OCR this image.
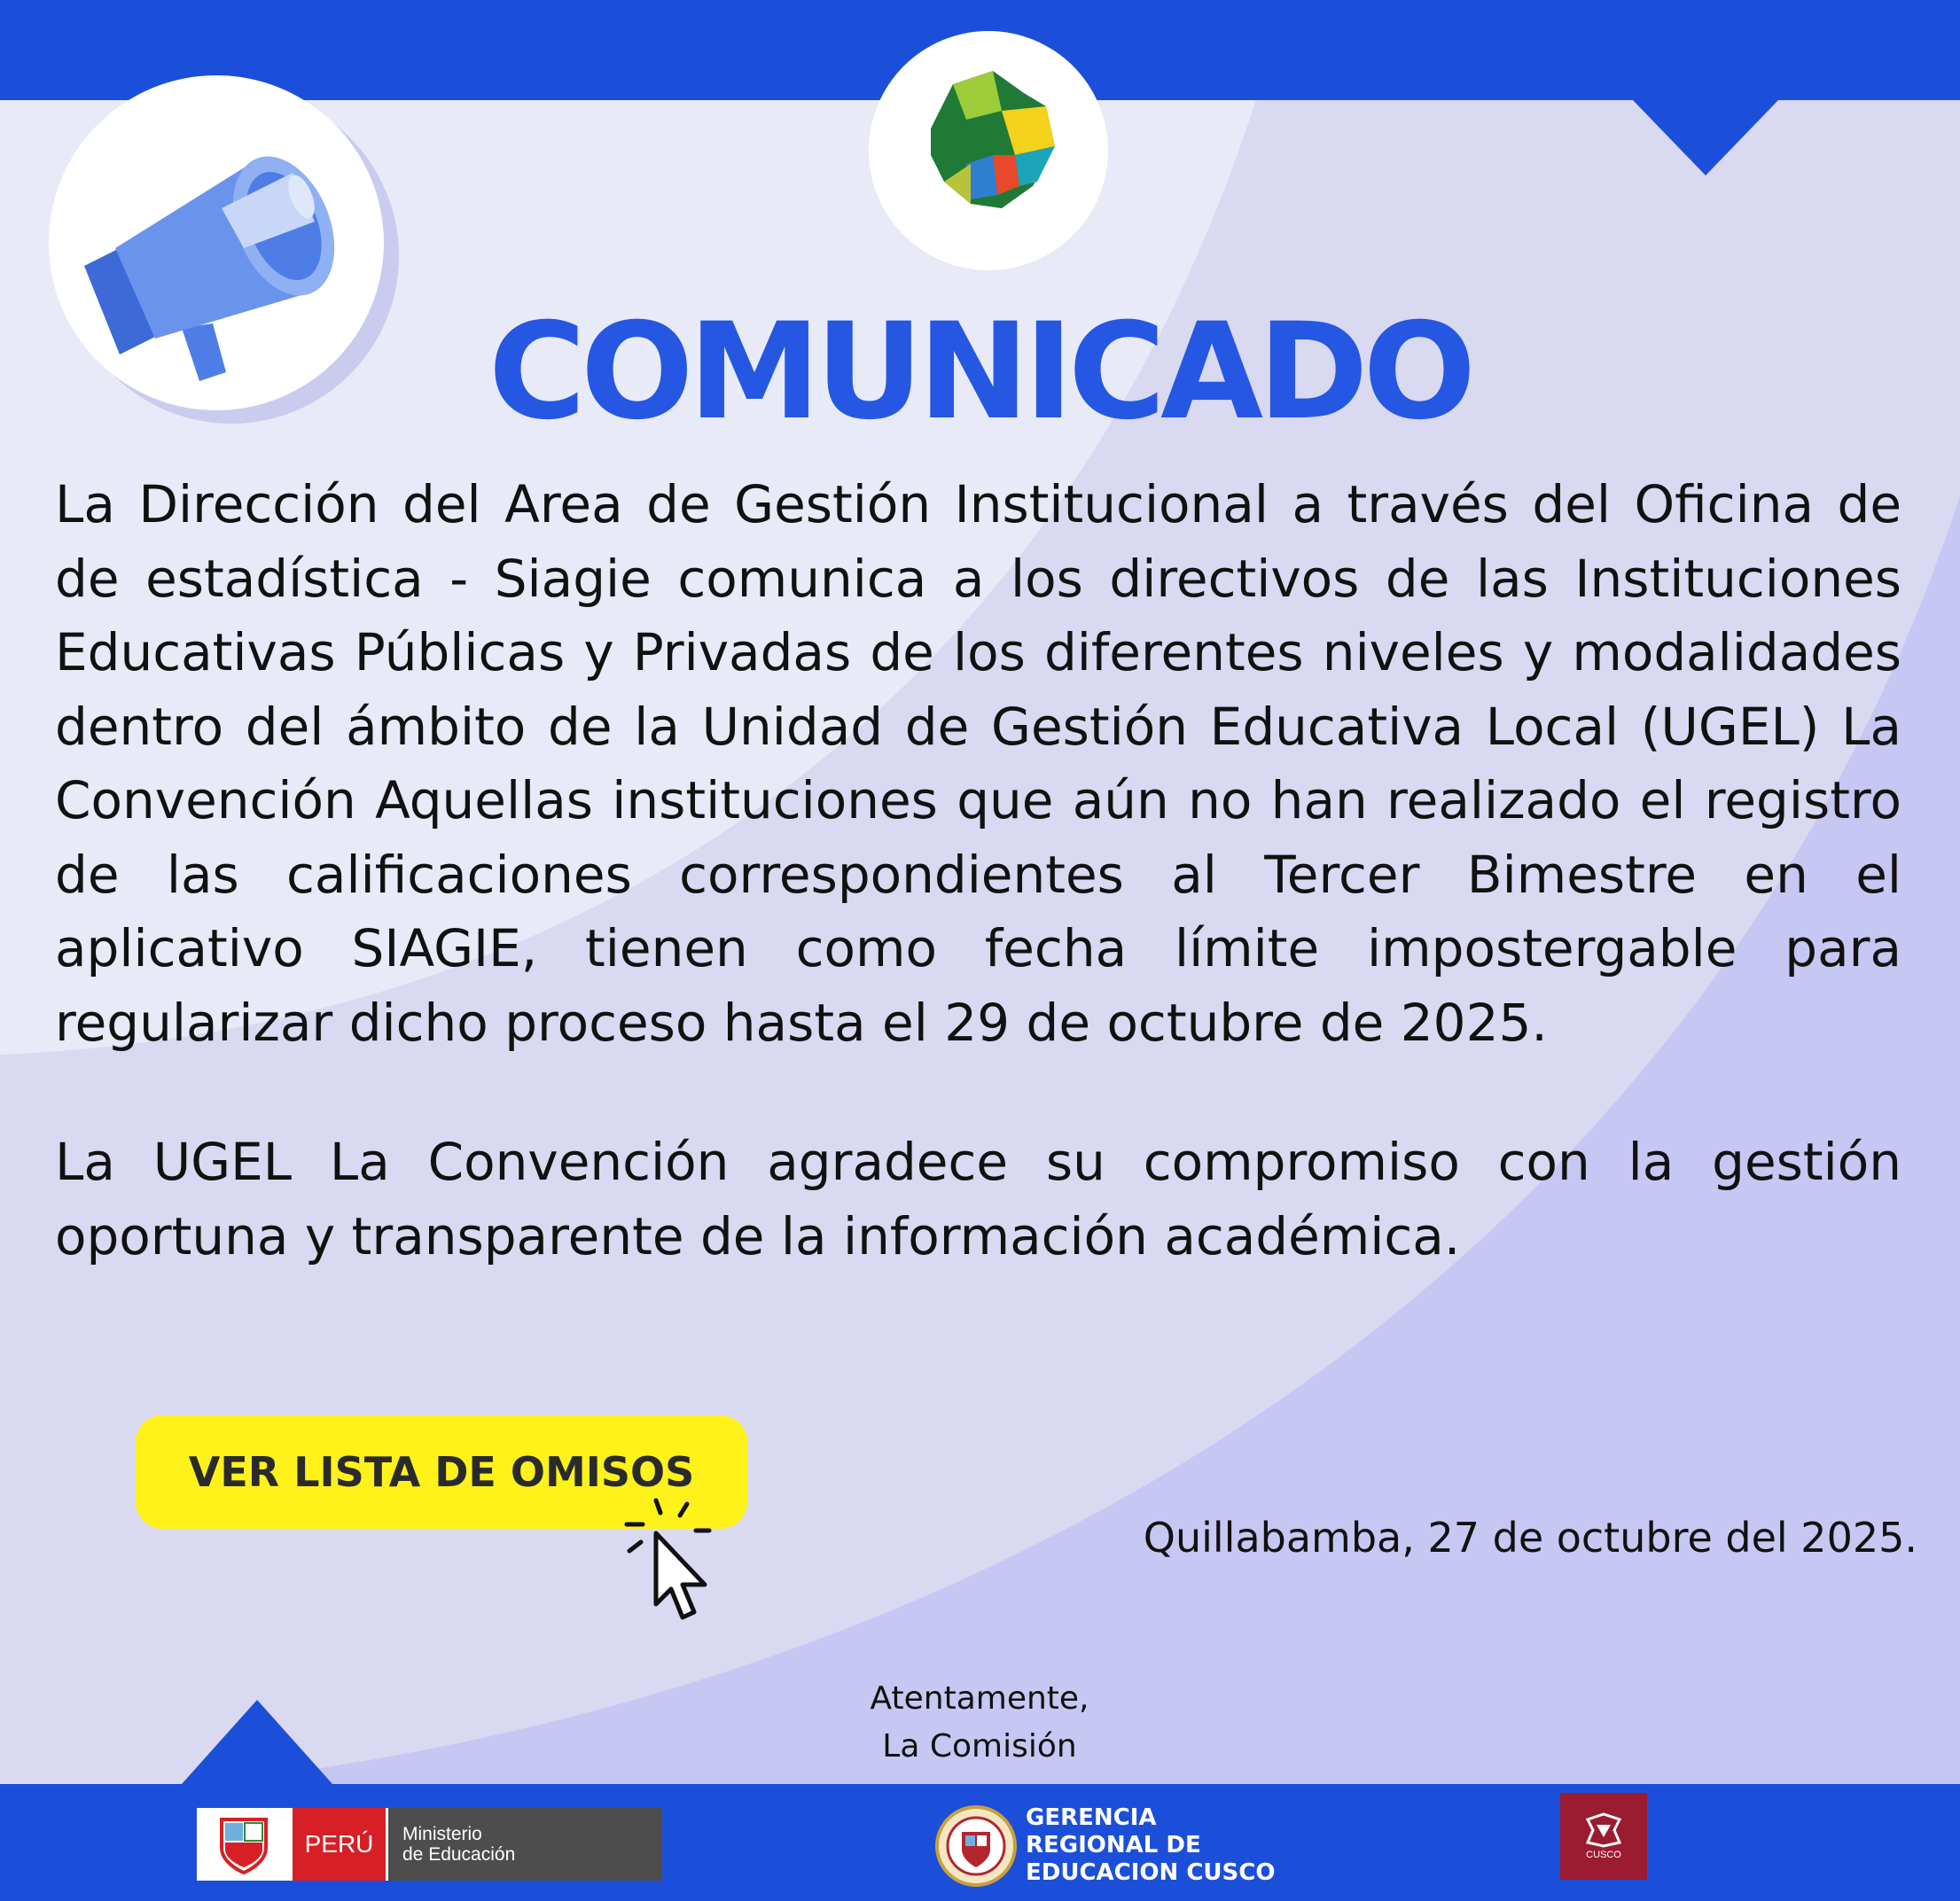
COMUNICADO

La Dirección del Area de Gestión Institucional a través del Oficina de de estadística - Siagie comunica a los directivos de las Instituciones Educativas Públicas y Privadas de los diferentes niveles y modalidades dentro del ámbito de la Unidad de Gestión Educativa Local (UGEL) La Convención Aquellas instituciones que aún no han realizado el registro de las calificaciones correspondientes al Tercer Bimestre en el aplicativo SIAGIE, tienen como fecha límite impostergable para regularizar dicho proceso hasta el 29 de octubre de 2025.

La UGEL La Convención agradece su compromiso con la gestión oportuna y transparente de la información académica.

VER LISTA DE OMISOS
Quillabamba, 27 de octubre del 2025.
Atentamente,
La Comisión
PERÚ	Ministerio
de Educación
GERENCIA
REGIONAL DE
EDUCACION CUSCO
CUSCO
